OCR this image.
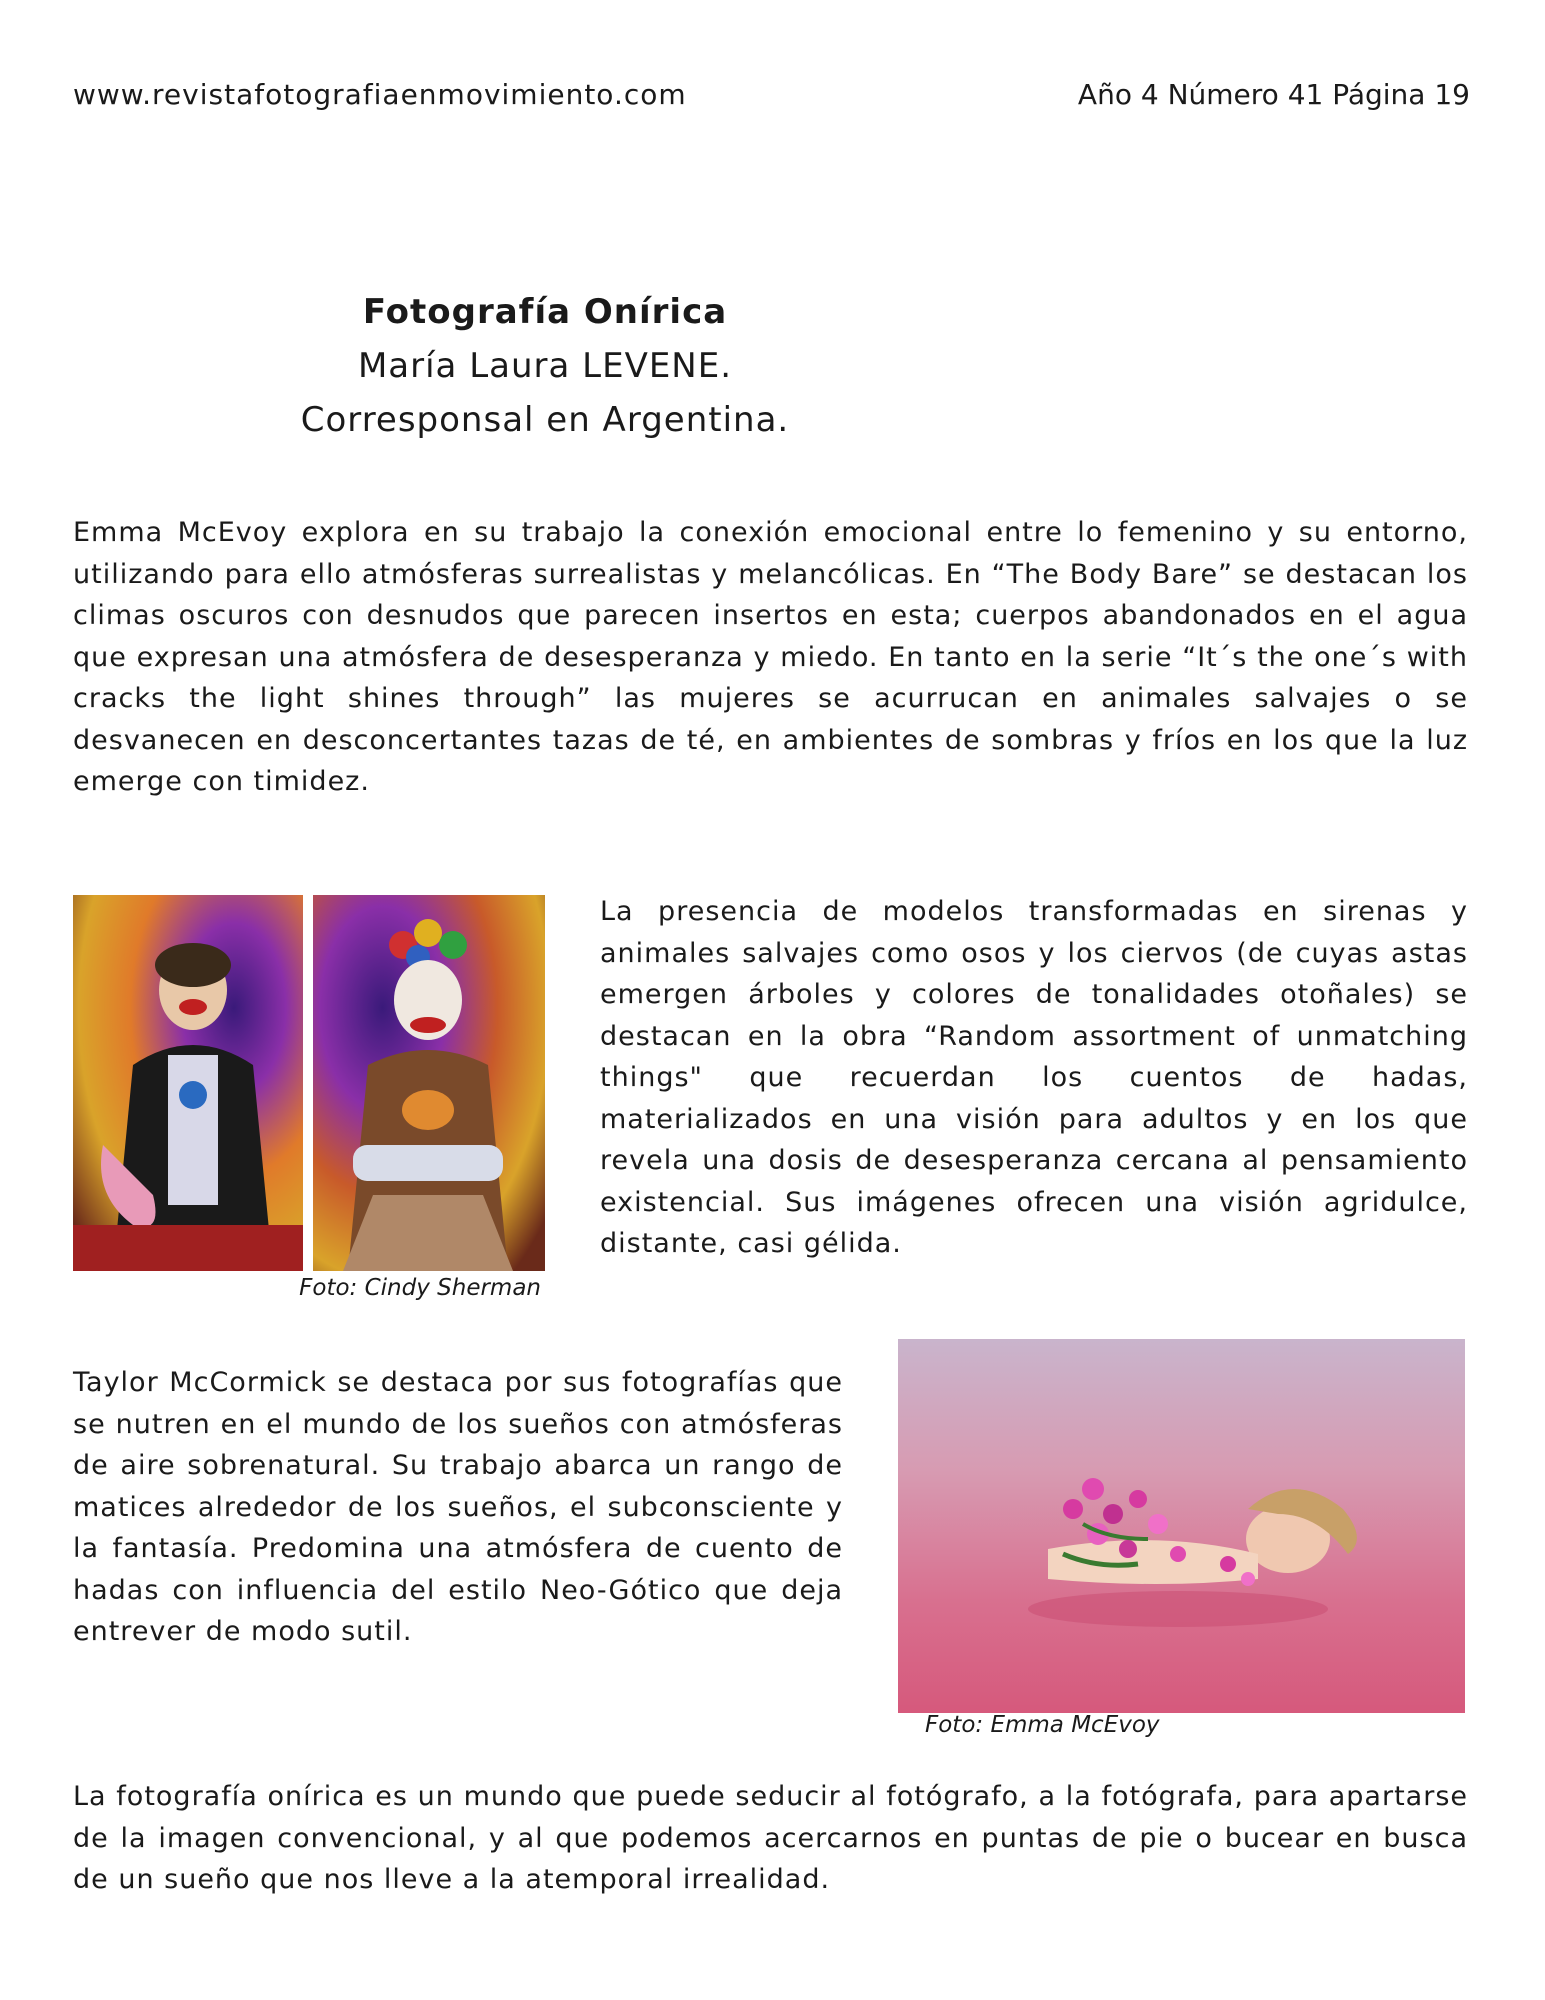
www.revistafotografiaenmovimiento.com	Año 4 Número 41 Página 19
Fotografía Onírica
María Laura LEVENE.
Corresponsal en Argentina.

Emma McEvoy explora en su trabajo la conexión emocional entre lo femenino y su entorno, utilizando para ello atmósferas surrealistas y melancólicas. En “The Body Bare” se destacan los climas oscuros con desnudos que parecen insertos en esta; cuerpos abandonados en el agua que expresan una atmósfera de desesperanza y miedo. En tanto en la serie “It´s the one´s with cracks the light shines through” las mujeres se acurrucan en animales salvajes o se desvanecen en desconcertantes tazas de té, en ambientes de sombras y fríos en los que la luz emerge con timidez.

Foto: Cindy Sherman

La presencia de modelos transformadas en sirenas y animales salvajes como osos y los ciervos (de cuyas astas emergen árboles y colores de tonalidades otoñales) se destacan en la obra “Random assortment of unmatching things" que recuerdan los cuentos de hadas, materializados en una visión para adultos y en los que revela una dosis de desesperanza cercana al pensamiento existencial. Sus imágenes ofrecen una visión agridulce, distante, casi gélida.

Taylor McCormick se destaca por sus fotografías que se nutren en el mundo de los sueños con atmósferas de aire sobrenatural. Su trabajo abarca un rango de matices alrededor de los sueños, el subconsciente y la fantasía. Predomina una atmósfera de cuento de hadas con influencia del estilo Neo-Gótico que deja entrever de modo sutil.

Foto: Emma McEvoy

La fotografía onírica es un mundo que puede seducir al fotógrafo, a la fotógrafa, para apartarse de la imagen convencional, y al que podemos acercarnos en puntas de pie o bucear en busca de un sueño que nos lleve a la atemporal irrealidad.
